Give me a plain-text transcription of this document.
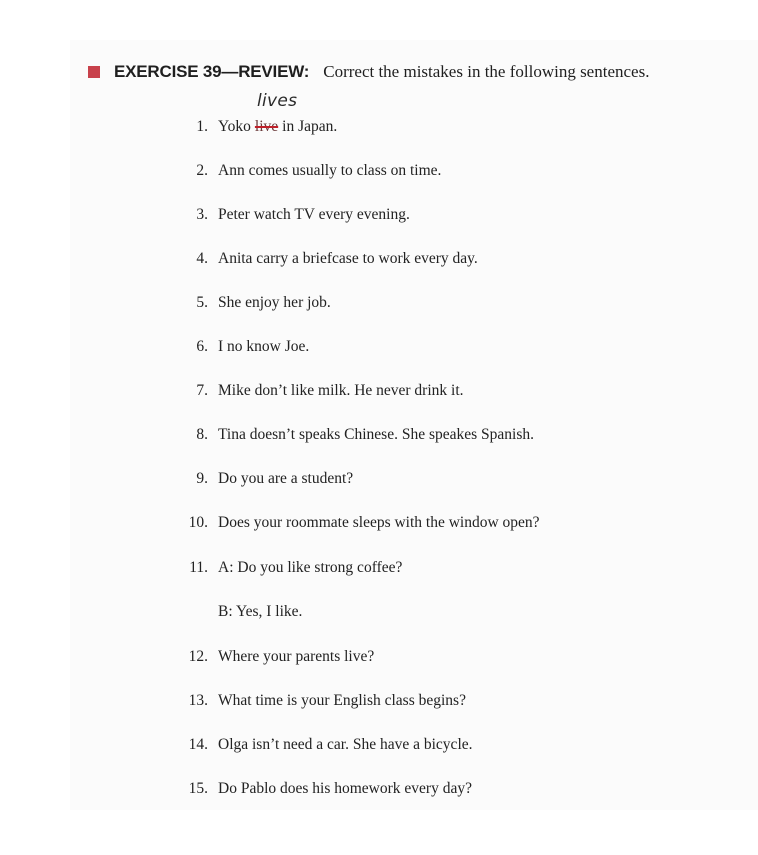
EXERCISE 39—REVIEW: Correct the mistakes in the following sentences.
lives
1. Yoko live in Japan.
2. Ann comes usually to class on time.
3. Peter watch TV every evening.
4. Anita carry a briefcase to work every day.
5. She enjoy her job.
6. I no know Joe.
7. Mike don’t like milk. He never drink it.
8. Tina doesn’t speaks Chinese. She speakes Spanish.
9. Do you are a student?
10. Does your roommate sleeps with the window open?
11. A: Do you like strong coffee?
B: Yes, I like.
12. Where your parents live?
13. What time is your English class begins?
14. Olga isn’t need a car. She have a bicycle.
15. Do Pablo does his homework every day?
